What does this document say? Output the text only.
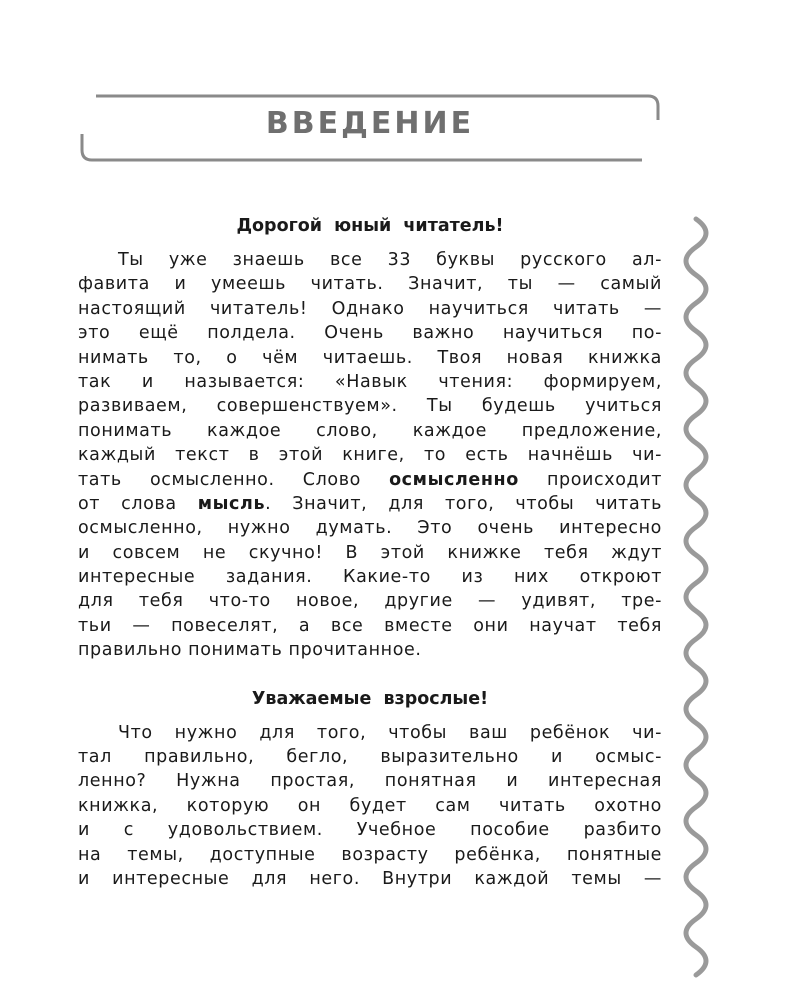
ВВЕДЕНИЕ
Дорогой юный читатель!

Ты уже знаешь все 33 буквы русского ал-

фавита и умеешь читать. Значит, ты — самый

настоящий читатель! Однако научиться читать —

это ещё полдела. Очень важно научиться по-

нимать то, о чём читаешь. Твоя новая книжка

так и называется: «Навык чтения: формируем,

развиваем, совершенствуем». Ты будешь учиться

понимать каждое слово, каждое предложение,

каждый текст в этой книге, то есть начнёшь чи-

тать осмысленно. Слово осмысленно происходит

от слова мысль. Значит, для того, чтобы читать

осмысленно, нужно думать. Это очень интересно

и совсем не скучно! В этой книжке тебя ждут

интересные задания. Какие-то из них откроют

для тебя что-то новое, другие — удивят, тре-

тьи — повеселят, а все вместе они научат тебя

правильно понимать прочитанное.

Уважаемые взрослые!

Что нужно для того, чтобы ваш ребёнок чи-

тал правильно, бегло, выразительно и осмыс-

ленно? Нужна простая, понятная и интересная

книжка, которую он будет сам читать охотно

и с удовольствием. Учебное пособие разбито

на темы, доступные возрасту ребёнка, понятные

и интересные для него. Внутри каждой темы —
